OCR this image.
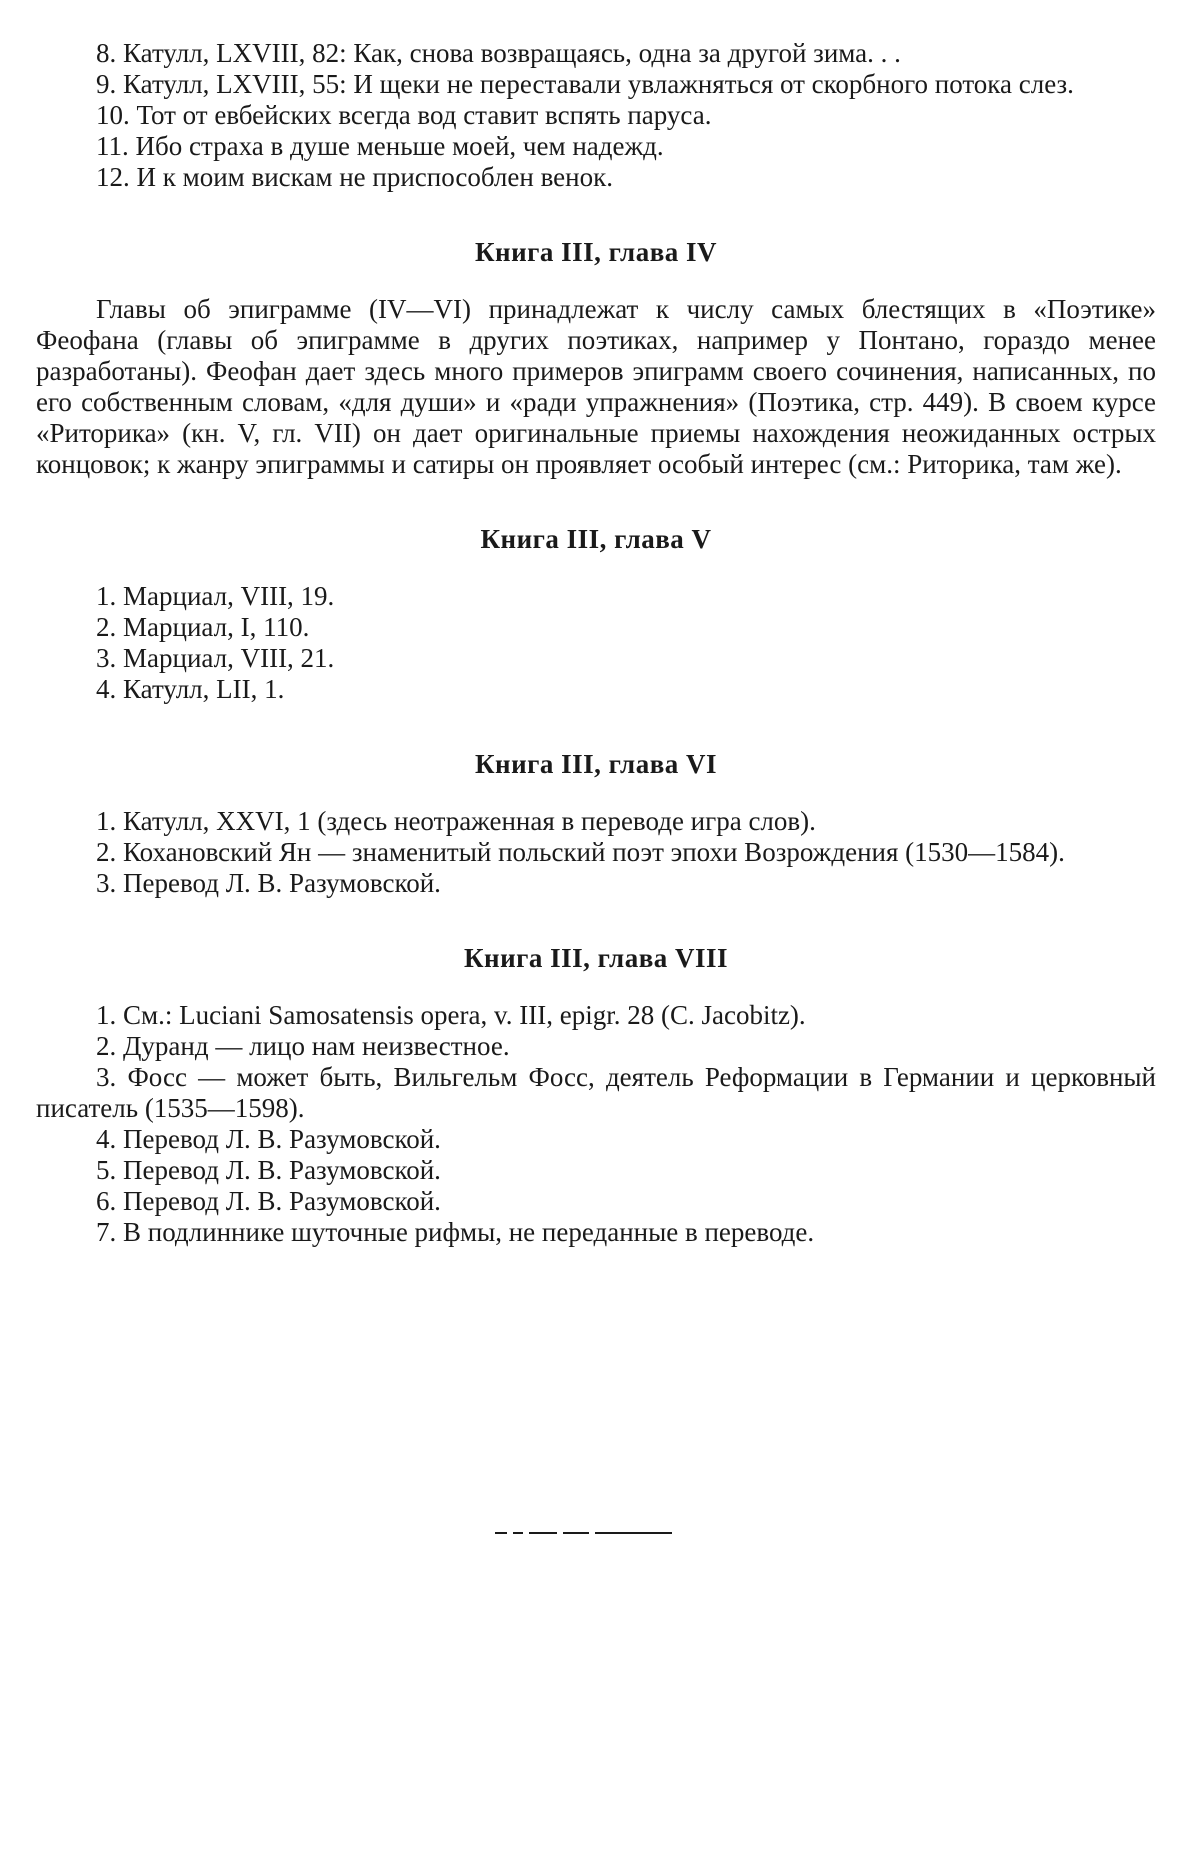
8. Катулл, LXVIII, 82: Как, снова возвращаясь, одна за другой зима. . .

9. Катулл, LXVIII, 55: И щеки не переставали увлажняться от скорбного потока слез.

10. Тот от евбейских всегда вод ставит вспять паруса.

11. Ибо страха в душе меньше моей, чем надежд.

12. И к моим вискам не приспособлен венок.

Книга III, глава IV

Главы об эпиграмме (IV—VI) принадлежат к числу самых блестящих в «Поэтике» Феофана (главы об эпиграмме в других поэтиках, например у Понтано, гораздо менее разработаны). Феофан дает здесь много примеров эпиграмм своего сочинения, написанных, по его собственным словам, «для души» и «ради упражнения» (Поэтика, стр. 449). В своем курсе «Риторика» (кн. V, гл. VII) он дает оригинальные приемы нахождения неожиданных острых концовок; к жанру эпиграммы и сатиры он проявляет особый интерес (см.: Риторика, там же).

Книга III, глава V

1. Марциал, VIII, 19.

2. Марциал, I, 110.

3. Марциал, VIII, 21.

4. Катулл, LII, 1.

Книга III, глава VI

1. Катулл, XXVI, 1 (здесь неотраженная в переводе игра слов).

2. Кохановский Ян — знаменитый польский поэт эпохи Возрождения (1530—1584).

3. Перевод Л. В. Разумовской.

Книга III, глава VIII

1. См.: Luciani Samosatensis opera, v. III, epigr. 28 (C. Jacobitz).

2. Дуранд — лицо нам неизвестное.

3. Фосс — может быть, Вильгельм Фосс, деятель Реформации в Германии и церковный писатель (1535—1598).

4. Перевод Л. В. Разумовской.

5. Перевод Л. В. Разумовской.

6. Перевод Л. В. Разумовской.

7. В подлиннике шуточные рифмы, не переданные в переводе.
